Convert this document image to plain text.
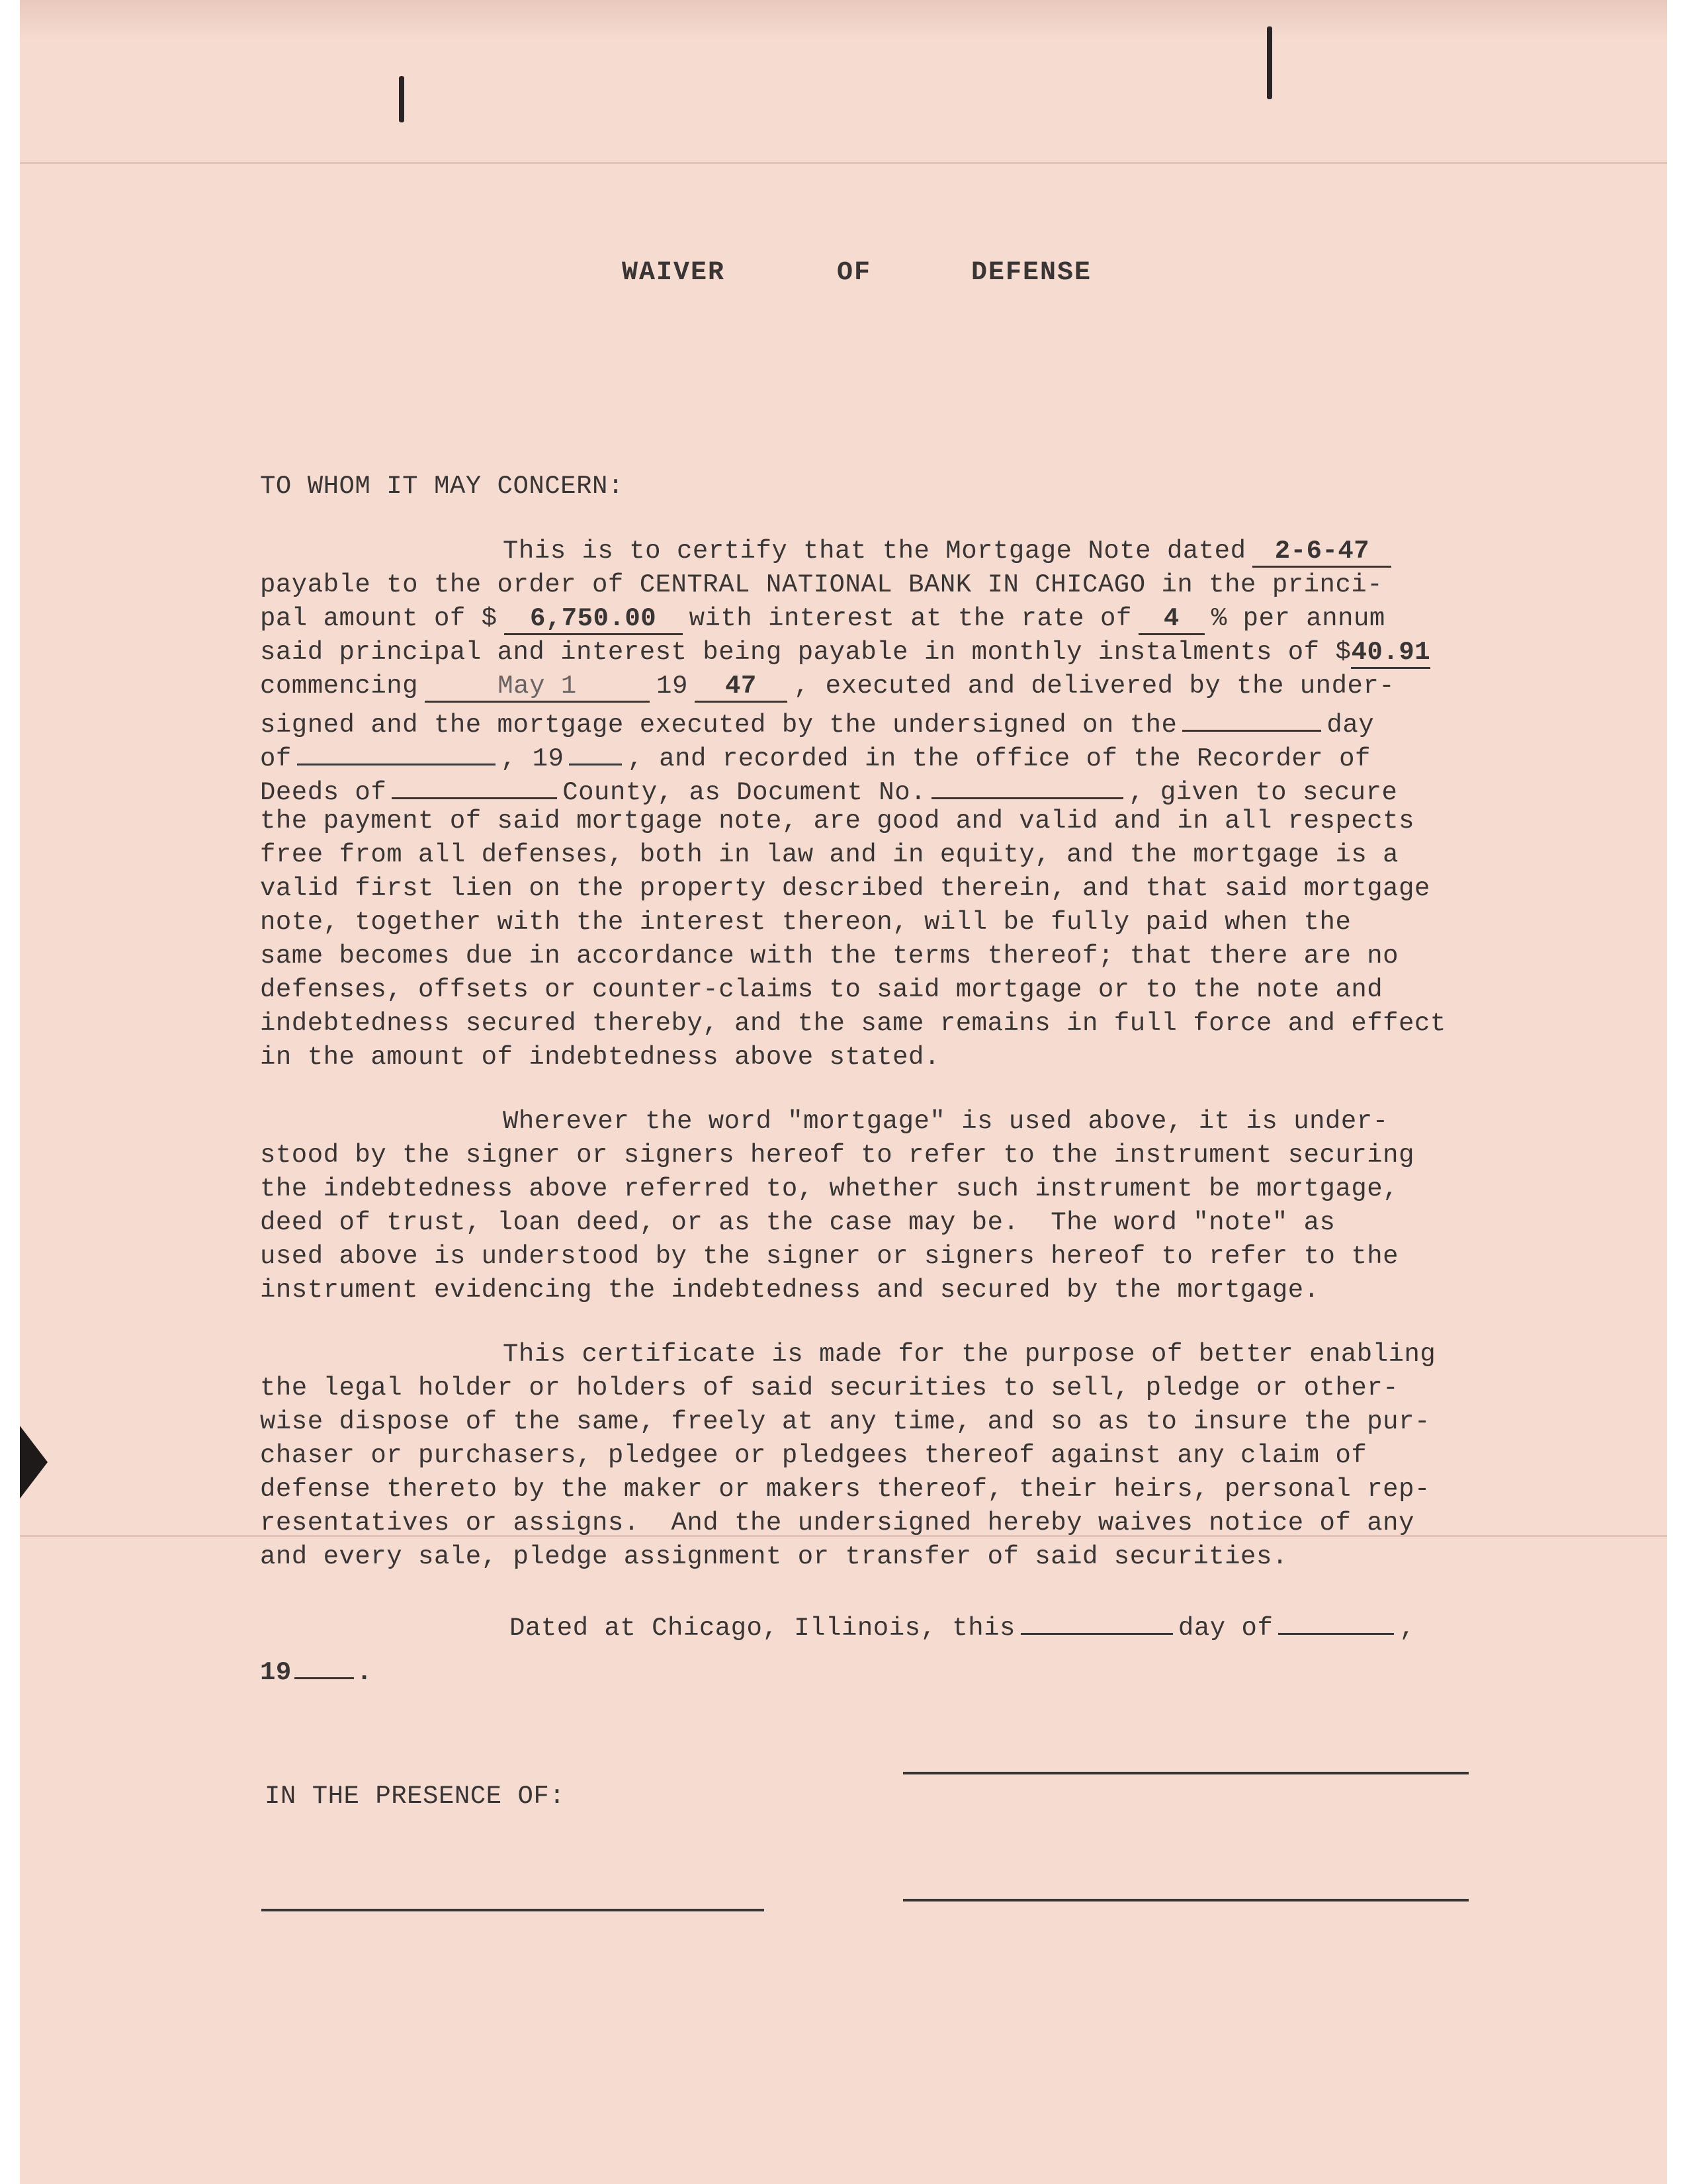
WAIVER	OF	DEFENSE
TO WHOM IT MAY CONCERN:
This is to certify that the Mortgage Note dated 2-6-47
payable to the order of CENTRAL NATIONAL BANK IN CHICAGO in the princi-
pal amount of $ 6,750.00 with interest at the rate of 4 % per annum
said principal and interest being payable in monthly instalments of $40.91
commencing	May 1	19 47 , executed and delivered by the under-
signed and the mortgage executed by the undersigned on the	day
of	, 19 , and recorded in the office of the Recorder of
Deeds of	County, as Document No.	, given to secure
the payment of said mortgage note, are good and valid and in all respects
free from all defenses, both in law and in equity, and the mortgage is a
valid first lien on the property described therein, and that said mortgage
note, together with the interest thereon, will be fully paid when the
same becomes due in accordance with the terms thereof; that there are no
defenses, offsets or counter-claims to said mortgage or to the note and
indebtedness secured thereby, and the same remains in full force and effect
in the amount of indebtedness above stated.
Wherever the word "mortgage" is used above, it is under-
stood by the signer or signers hereof to refer to the instrument securing
the indebtedness above referred to, whether such instrument be mortgage,
deed of trust, loan deed, or as the case may be.  The word "note" as
used above is understood by the signer or signers hereof to refer to the
instrument evidencing the indebtedness and secured by the mortgage.
This certificate is made for the purpose of better enabling
the legal holder or holders of said securities to sell, pledge or other-
wise dispose of the same, freely at any time, and so as to insure the pur-
chaser or purchasers, pledgee or pledgees thereof against any claim of
defense thereto by the maker or makers thereof, their heirs, personal rep-
resentatives or assigns.  And the undersigned hereby waives notice of any
and every sale, pledge assignment or transfer of said securities.
Dated at Chicago, Illinois, this	day of	,
19	.
IN THE PRESENCE OF:
